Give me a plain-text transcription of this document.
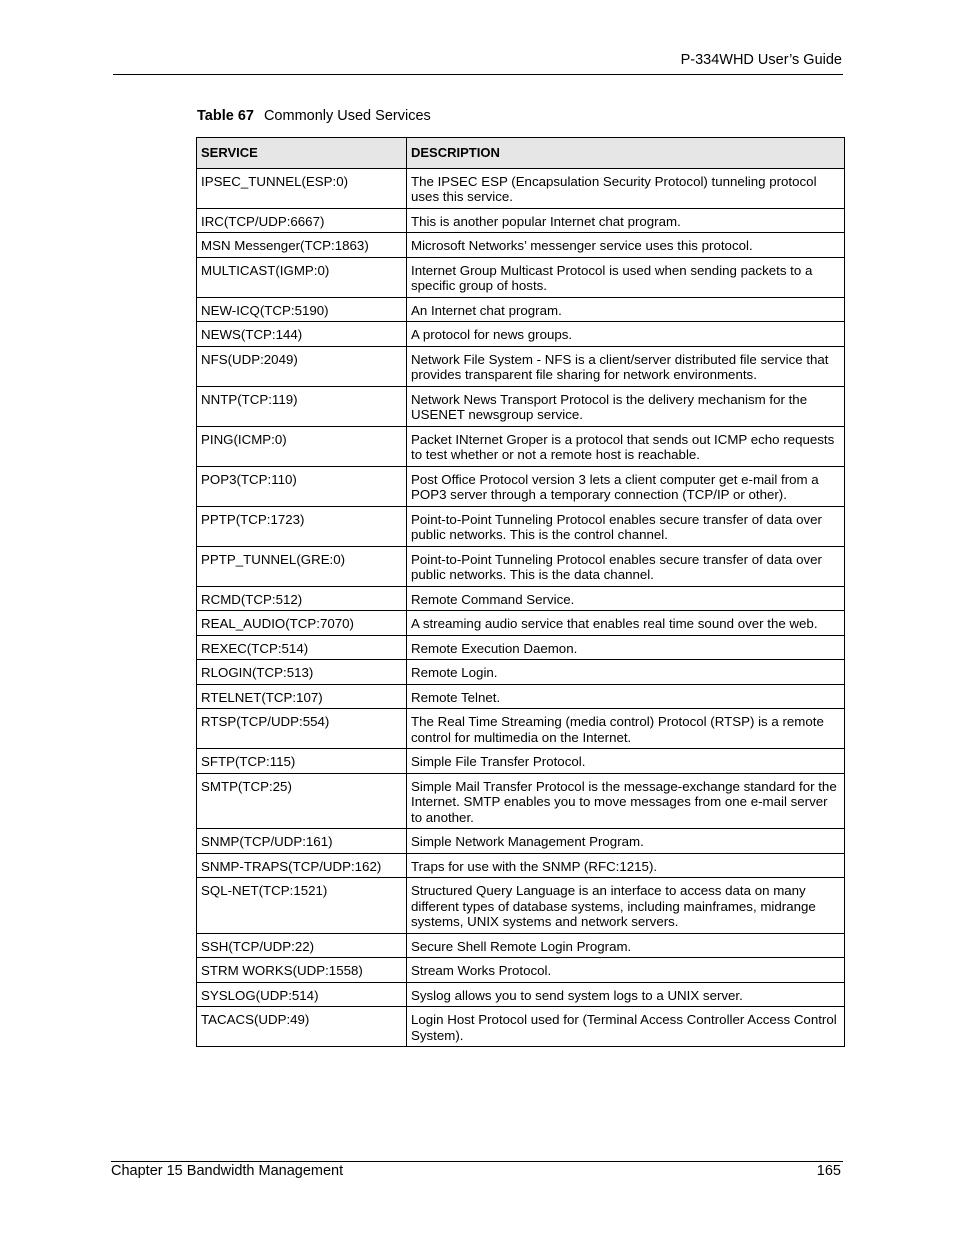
P-334WHD User’s Guide
Table 67 Commonly Used Services
SERVICE	DESCRIPTION
IPSEC_TUNNEL(ESP:0)	The IPSEC ESP (Encapsulation Security Protocol) tunneling protocol uses this service.
IRC(TCP/UDP:6667)	This is another popular Internet chat program.
MSN Messenger(TCP:1863)	Microsoft Networks’ messenger service uses this protocol.
MULTICAST(IGMP:0)	Internet Group Multicast Protocol is used when sending packets to a specific group of hosts.
NEW-ICQ(TCP:5190)	An Internet chat program.
NEWS(TCP:144)	A protocol for news groups.
NFS(UDP:2049)	Network File System - NFS is a client/server distributed file service that provides transparent file sharing for network environments.
NNTP(TCP:119)	Network News Transport Protocol is the delivery mechanism for the USENET newsgroup service.
PING(ICMP:0)	Packet INternet Groper is a protocol that sends out ICMP echo requests to test whether or not a remote host is reachable.
POP3(TCP:110)	Post Office Protocol version 3 lets a client computer get e-mail from a POP3 server through a temporary connection (TCP/IP or other).
PPTP(TCP:1723)	Point-to-Point Tunneling Protocol enables secure transfer of data over public networks. This is the control channel.
PPTP_TUNNEL(GRE:0)	Point-to-Point Tunneling Protocol enables secure transfer of data over public networks. This is the data channel.
RCMD(TCP:512)	Remote Command Service.
REAL_AUDIO(TCP:7070)	A streaming audio service that enables real time sound over the web.
REXEC(TCP:514)	Remote Execution Daemon.
RLOGIN(TCP:513)	Remote Login.
RTELNET(TCP:107)	Remote Telnet.
RTSP(TCP/UDP:554)	The Real Time Streaming (media control) Protocol (RTSP) is a remote control for multimedia on the Internet.
SFTP(TCP:115)	Simple File Transfer Protocol.
SMTP(TCP:25)	Simple Mail Transfer Protocol is the message-exchange standard for the Internet. SMTP enables you to move messages from one e-mail server to another.
SNMP(TCP/UDP:161)	Simple Network Management Program.
SNMP-TRAPS(TCP/UDP:162)	Traps for use with the SNMP (RFC:1215).
SQL-NET(TCP:1521)	Structured Query Language is an interface to access data on many different types of database systems, including mainframes, midrange systems, UNIX systems and network servers.
SSH(TCP/UDP:22)	Secure Shell Remote Login Program.
STRM WORKS(UDP:1558)	Stream Works Protocol.
SYSLOG(UDP:514)	Syslog allows you to send system logs to a UNIX server.
TACACS(UDP:49)	Login Host Protocol used for (Terminal Access Controller Access Control System).
Chapter 15 Bandwidth Management	165
